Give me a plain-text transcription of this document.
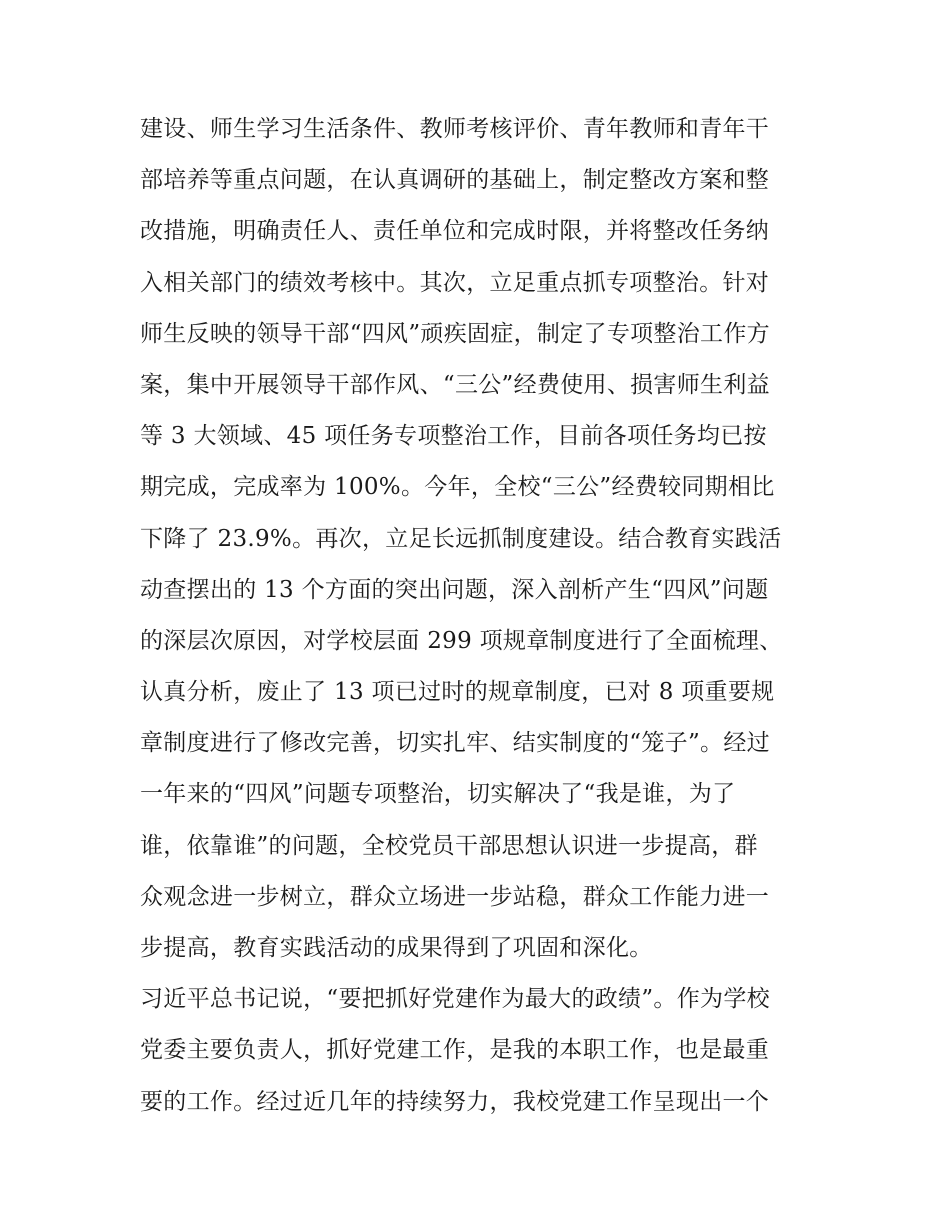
建设、师生学习生活条件、教师考核评价、青年教师和青年干
部培养等重点问题，在认真调研的基础上，制定整改方案和整
改措施，明确责任人、责任单位和完成时限，并将整改任务纳
入相关部门的绩效考核中。其次，立足重点抓专项整治。针对
师生反映的领导干部“四风”顽疾固症，制定了专项整治工作方
案，集中开展领导干部作风、“三公”经费使用、损害师生利益
等 3 大领域、45 项任务专项整治工作，目前各项任务均已按
期完成，完成率为 100%。今年，全校“三公”经费较同期相比
下降了 23.9%。再次，立足长远抓制度建设。结合教育实践活
动查摆出的 13 个方面的突出问题，深入剖析产生“四风”问题
的深层次原因，对学校层面 299 项规章制度进行了全面梳理、
认真分析，废止了 13 项已过时的规章制度，已对 8 项重要规
章制度进行了修改完善，切实扎牢、结实制度的“笼子”。经过
一年来的“四风”问题专项整治，切实解决了“我是谁，为了
谁，依靠谁”的问题，全校党员干部思想认识进一步提高，群
众观念进一步树立，群众立场进一步站稳，群众工作能力进一
步提高，教育实践活动的成果得到了巩固和深化。
习近平总书记说，“要把抓好党建作为最大的政绩”。作为学校
党委主要负责人，抓好党建工作，是我的本职工作，也是最重
要的工作。经过近几年的持续努力，我校党建工作呈现出一个
